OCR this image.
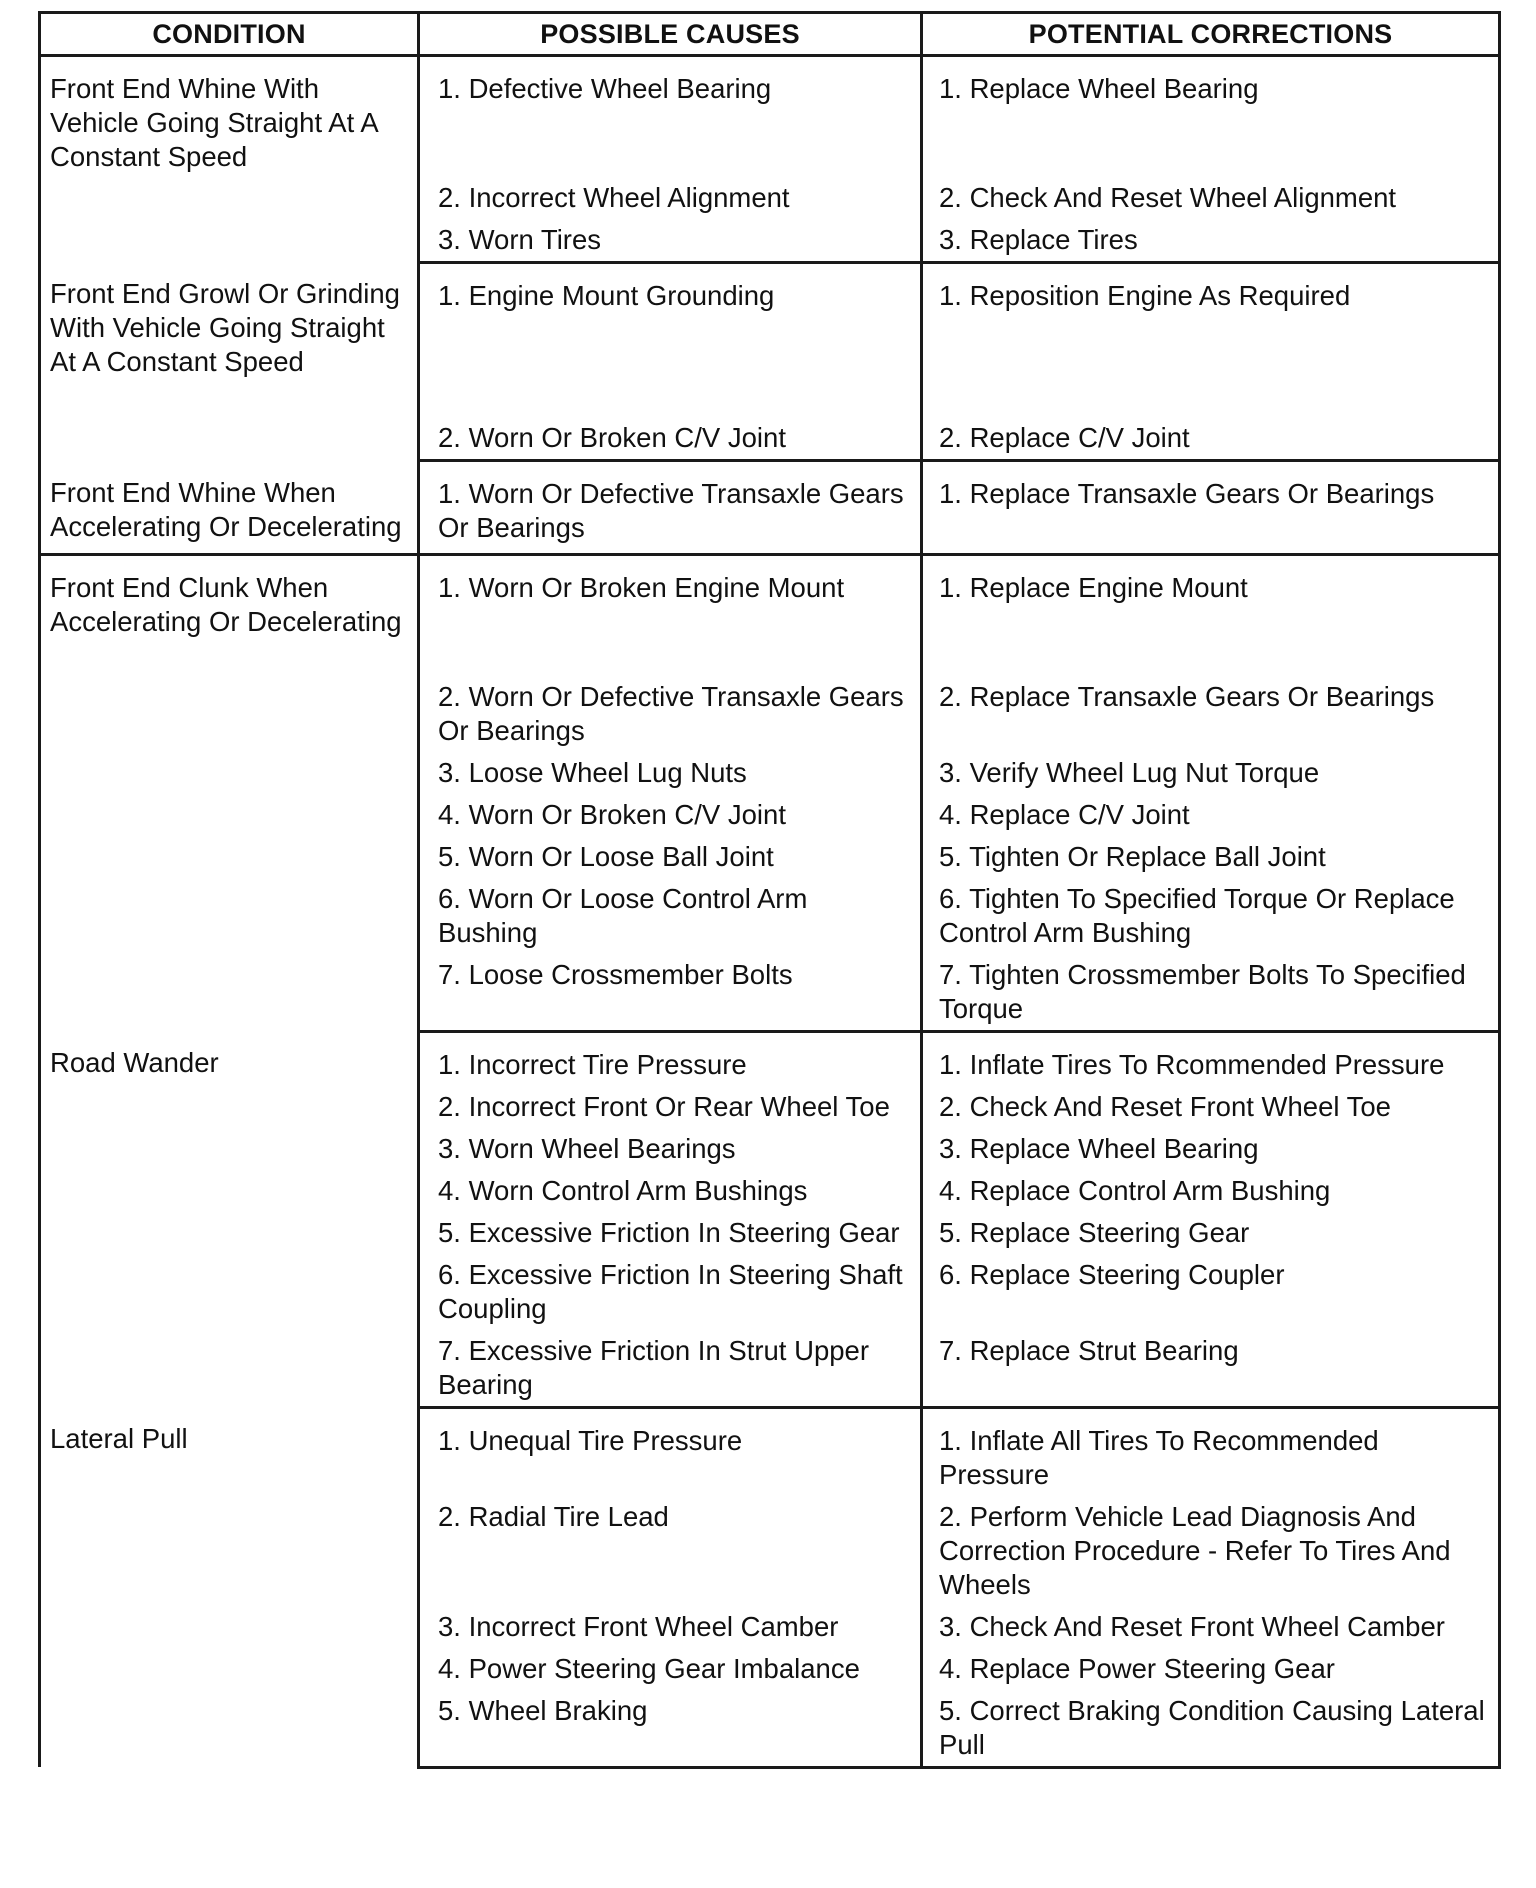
CONDITION	POSSIBLE CAUSES	POTENTIAL CORRECTIONS
Front End Whine With Vehicle Going Straight At A Constant Speed	1. Defective Wheel Bearing	1. Replace Wheel Bearing
	2. Incorrect Wheel Alignment	2. Check And Reset Wheel Alignment
	3. Worn Tires	3. Replace Tires
Front End Growl Or Grinding With Vehicle Going Straight At A Constant Speed	1. Engine Mount Grounding	1. Reposition Engine As Required
	2. Worn Or Broken C/V Joint	2. Replace C/V Joint
Front End Whine When Accelerating Or Decelerating	1. Worn Or Defective Transaxle Gears Or Bearings	1. Replace Transaxle Gears Or Bearings
Front End Clunk When Accelerating Or Decelerating	1. Worn Or Broken Engine Mount	1. Replace Engine Mount
	2. Worn Or Defective Transaxle Gears Or Bearings	2. Replace Transaxle Gears Or Bearings
	3. Loose Wheel Lug Nuts	3. Verify Wheel Lug Nut Torque
	4. Worn Or Broken C/V Joint	4. Replace C/V Joint
	5. Worn Or Loose Ball Joint	5. Tighten Or Replace Ball Joint
	6. Worn Or Loose Control Arm Bushing	6. Tighten To Specified Torque Or Replace Control Arm Bushing
	7. Loose Crossmember Bolts	7. Tighten Crossmember Bolts To Specified Torque
Road Wander	1. Incorrect Tire Pressure	1. Inflate Tires To Rcommended Pressure
	2. Incorrect Front Or Rear Wheel Toe	2. Check And Reset Front Wheel Toe
	3. Worn Wheel Bearings	3. Replace Wheel Bearing
	4. Worn Control Arm Bushings	4. Replace Control Arm Bushing
	5. Excessive Friction In Steering Gear	5. Replace Steering Gear
	6. Excessive Friction In Steering Shaft Coupling	6. Replace Steering Coupler
	7. Excessive Friction In Strut Upper Bearing	7. Replace Strut Bearing
Lateral Pull	1. Unequal Tire Pressure	1. Inflate All Tires To Recommended Pressure
	2. Radial Tire Lead	2. Perform Vehicle Lead Diagnosis And Correction Procedure - Refer To Tires And Wheels
	3. Incorrect Front Wheel Camber	3. Check And Reset Front Wheel Camber
	4. Power Steering Gear Imbalance	4. Replace Power Steering Gear
	5. Wheel Braking	5. Correct Braking Condition Causing Lateral Pull
